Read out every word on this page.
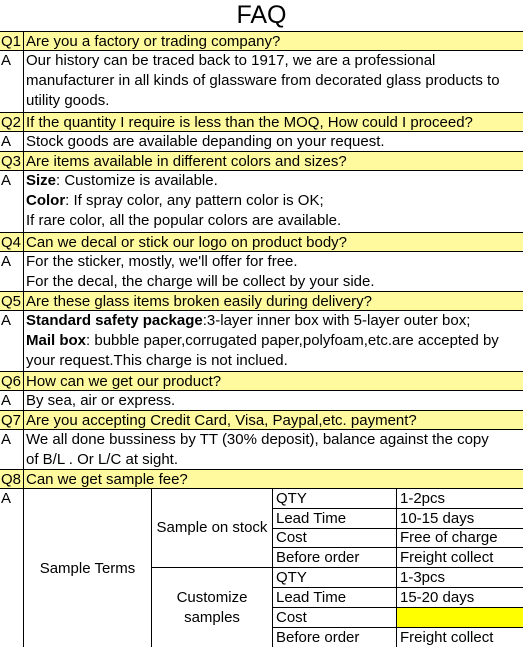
FAQ
Q1 Are you a factory or trading company?
A Our history can be traced back to 1917, we are a professional
manufacturer in all kinds of glassware from decorated glass products to
utility goods.
Q2 If the quantity I require is less than the MOQ, How could I proceed?
A Stock goods are available depanding on your request.
Q3 Are items available in different colors and sizes?
A Size: Customize is available.
Color: If spray color, any pattern color is OK;
If rare color, all the popular colors are available.
Q4 Can we decal or stick our logo on product body?
A For the sticker, mostly, we'll offer for free.
For the decal, the charge will be collect by your side.
Q5 Are these glass items broken easily during delivery?
A Standard safety package:3-layer inner box with 5-layer outer box;
Mail box: bubble paper,corrugated paper,polyfoam,etc.are accepted by
your request.This charge is not inclued.
Q6 How can we get our product?
A By sea, air or express.
Q7 Are you accepting Credit Card, Visa, Paypal,etc. payment?
A We all done bussiness by TT (30% deposit), balance against the copy
of B/L . Or L/C at sight.
Q8 Can we get sample fee?
A
Sample Terms
Sample on stock
QTY	1-2pcs
Lead Time	10-15 days
Cost	Free of charge
Before order	Freight collect
Customize samples
QTY	1-3pcs
Lead Time	15-20 days
Cost
Before order	Freight collect
